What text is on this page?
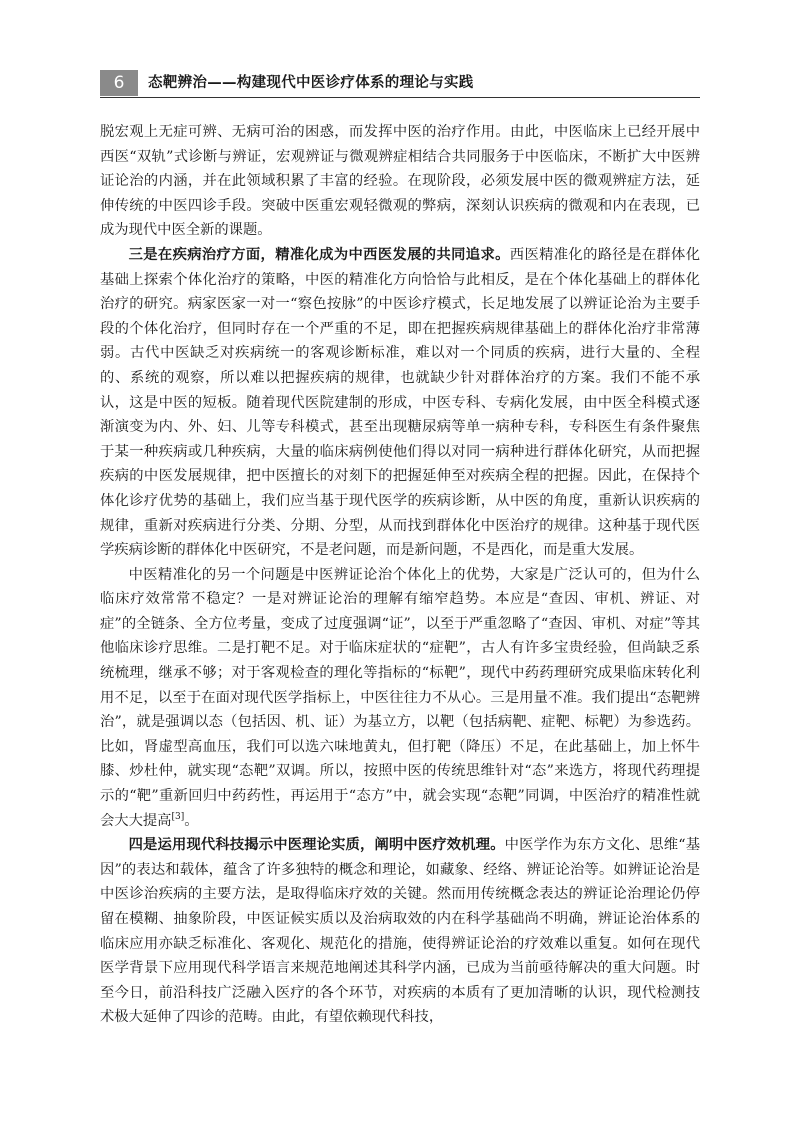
6	态靶辨治——构建现代中医诊疗体系的理论与实践

脱宏观上无症可辨、无病可治的困惑，而发挥中医的治疗作用。由此，中医临床上已经开展中西医“双轨”式诊断与辨证，宏观辨证与微观辨症相结合共同服务于中医临床，不断扩大中医辨证论治的内涵，并在此领域积累了丰富的经验。在现阶段，必须发展中医的微观辨症方法，延伸传统的中医四诊手段。突破中医重宏观轻微观的弊病，深刻认识疾病的微观和内在表现，已成为现代中医全新的课题。

三是在疾病治疗方面，精准化成为中西医发展的共同追求。西医精准化的路径是在群体化基础上探索个体化治疗的策略，中医的精准化方向恰恰与此相反，是在个体化基础上的群体化治疗的研究。病家医家一对一“察色按脉”的中医诊疗模式，长足地发展了以辨证论治为主要手段的个体化治疗，但同时存在一个严重的不足，即在把握疾病规律基础上的群体化治疗非常薄弱。古代中医缺乏对疾病统一的客观诊断标准，难以对一个同质的疾病，进行大量的、全程的、系统的观察，所以难以把握疾病的规律，也就缺少针对群体治疗的方案。我们不能不承认，这是中医的短板。随着现代医院建制的形成，中医专科、专病化发展，由中医全科模式逐渐演变为内、外、妇、儿等专科模式，甚至出现糖尿病等单一病种专科，专科医生有条件聚焦于某一种疾病或几种疾病，大量的临床病例使他们得以对同一病种进行群体化研究，从而把握疾病的中医发展规律，把中医擅长的对刻下的把握延伸至对疾病全程的把握。因此，在保持个体化诊疗优势的基础上，我们应当基于现代医学的疾病诊断，从中医的角度，重新认识疾病的规律，重新对疾病进行分类、分期、分型，从而找到群体化中医治疗的规律。这种基于现代医学疾病诊断的群体化中医研究，不是老问题，而是新问题，不是西化，而是重大发展。

中医精准化的另一个问题是中医辨证论治个体化上的优势，大家是广泛认可的，但为什么临床疗效常常不稳定？一是对辨证论治的理解有缩窄趋势。本应是“查因、审机、辨证、对症”的全链条、全方位考量，变成了过度强调“证”，以至于严重忽略了“查因、审机、对症”等其他临床诊疗思维。二是打靶不足。对于临床症状的“症靶”，古人有许多宝贵经验，但尚缺乏系统梳理，继承不够；对于客观检查的理化等指标的“标靶”，现代中药药理研究成果临床转化利用不足，以至于在面对现代医学指标上，中医往往力不从心。三是用量不准。我们提出“态靶辨治”，就是强调以态（包括因、机、证）为基立方，以靶（包括病靶、症靶、标靶）为参选药。比如，肾虚型高血压，我们可以选六味地黄丸，但打靶（降压）不足，在此基础上，加上怀牛膝、炒杜仲，就实现“态靶”双调。所以，按照中医的传统思维针对“态”来选方，将现代药理提示的“靶”重新回归中药药性，再运用于“态方”中，就会实现“态靶”同调，中医治疗的精准性就会大大提高[3]。

四是运用现代科技揭示中医理论实质，阐明中医疗效机理。中医学作为东方文化、思维“基因”的表达和载体，蕴含了许多独特的概念和理论，如藏象、经络、辨证论治等。如辨证论治是中医诊治疾病的主要方法，是取得临床疗效的关键。然而用传统概念表达的辨证论治理论仍停留在模糊、抽象阶段，中医证候实质以及治病取效的内在科学基础尚不明确，辨证论治体系的临床应用亦缺乏标准化、客观化、规范化的措施，使得辨证论治的疗效难以重复。如何在现代医学背景下应用现代科学语言来规范地阐述其科学内涵，已成为当前亟待解决的重大问题。时至今日，前沿科技广泛融入医疗的各个环节，对疾病的本质有了更加清晰的认识，现代检测技术极大延伸了四诊的范畴。由此，有望依赖现代科技，
